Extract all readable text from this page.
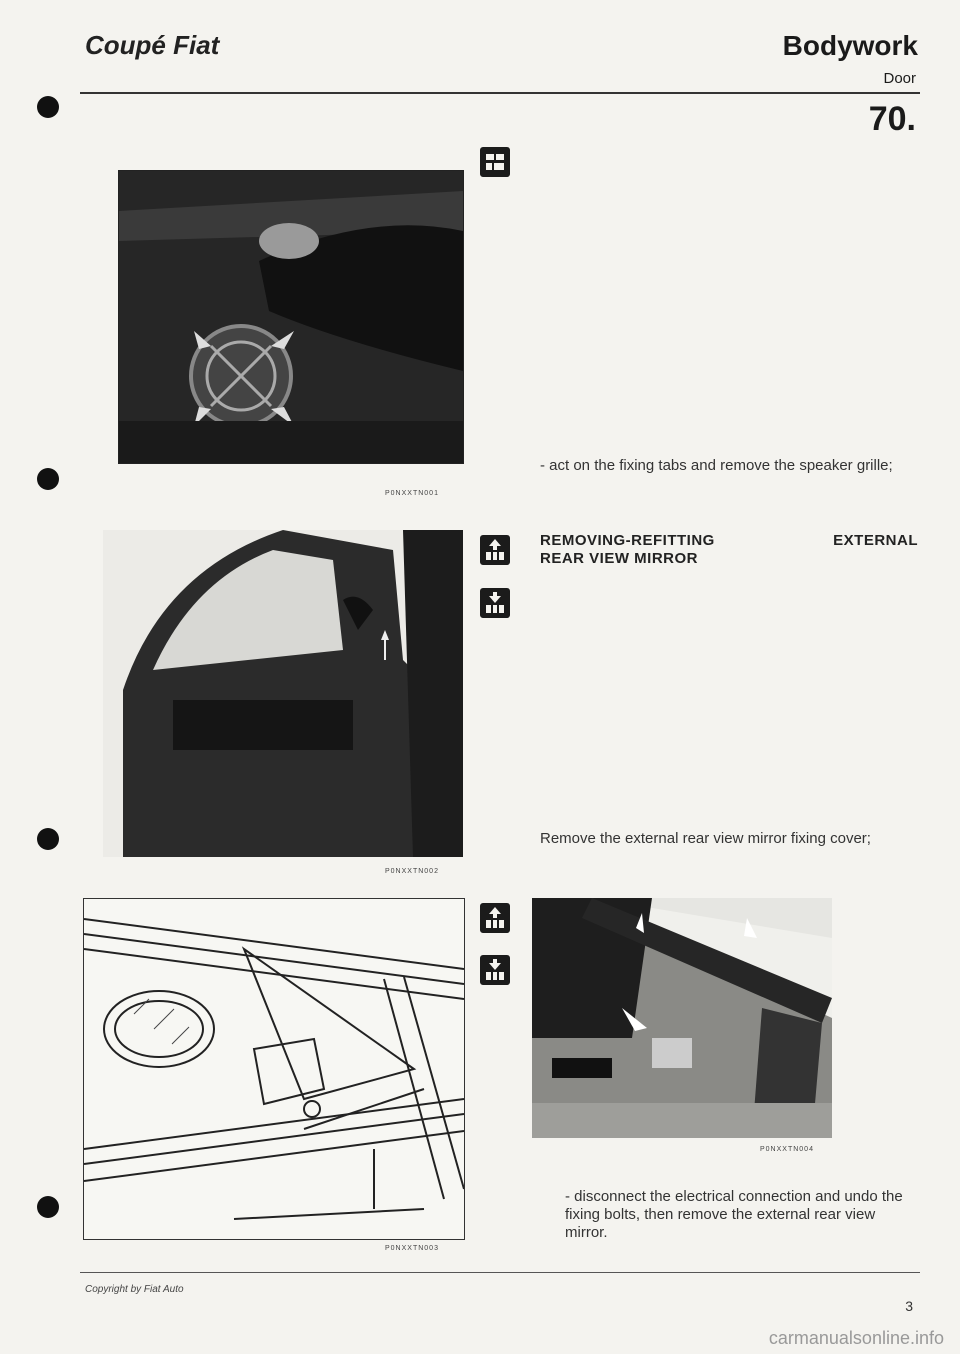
Coupé Fiat	Bodywork
Door
70.
P0NXXTN001
P0NXXTN002
P0NXXTN003
P0NXXTN004
- act on the fixing tabs and remove the speaker grille;
REMOVING-REFITTING	EXTERNAL
REAR VIEW MIRROR
Remove the external rear view mirror fixing cover;
- disconnect the electrical connection and undo the fixing bolts, then remove the external rear view mirror.
Copyright by Fiat Auto
3
carmanualsonline.info
